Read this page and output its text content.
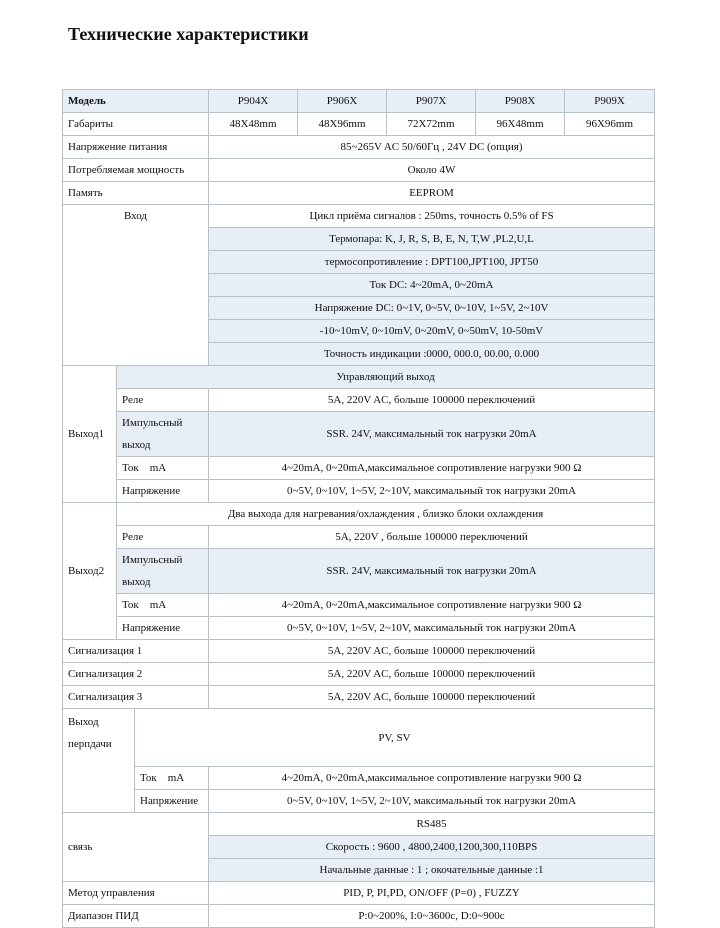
Технические характеристики
Модель			P904X	P906X	P907X	P908X	P909X
Габариты			48X48mm	48X96mm	72X72mm	96X48mm	96X96mm
Напряжение питания			85~265V AC 50/60Гц , 24V DC (опция)				
Потребляемая мощность			Около 4W				
Память			EEPROM				
Вход			Цикл приёма сигналов : 250ms, точность 0.5% of FS				
			Термопара: K, J, R, S, B, E, N, T,W ,PL2,U,L				
			термосопротивление : DPT100,JPT100, JPT50				
			Ток DC: 4~20mA, 0~20mA				
			Напряжение DC: 0~1V, 0~5V, 0~10V, 1~5V, 2~10V				
			-10~10mV, 0~10mV, 0~20mV, 0~50mV, 10-50mV				
			Точность индикации :0000, 000.0, 00.00, 0.000				
Выход1	Управляющий выход						
	Реле		5A, 220V AC, больше 100000 переключений				
	Импульсный выход		SSR. 24V, максимальный ток нагрузки 20mA				
	Ток    mA		4~20mA, 0~20mA,максимальное сопротивление нагрузки 900 Ω				
	Напряжение		0~5V, 0~10V, 1~5V, 2~10V, максимальный ток нагрузки 20mA				
Выход2	Два выхода для нагревания/охлаждения , близко блоки охлаждения						
	Реле		5A, 220V , больше 100000 переключений				
	Импульсный выход		SSR. 24V, максимальный ток нагрузки 20mA				
	Ток    mA		4~20mA, 0~20mA,максимальное сопротивление нагрузки 900 Ω				
	Напряжение		0~5V, 0~10V, 1~5V, 2~10V, максимальный ток нагрузки 20mA				
Сигнализация 1			5A, 220V AC, больше 100000 переключений				
Сигнализация 2			5A, 220V AC, больше 100000 переключений				
Сигнализация 3			5A, 220V AC, больше 100000 переключений				
Выход перпдачи		PV, SV					
		Ток    mA	4~20mA, 0~20mA,максимальное сопротивление нагрузки 900 Ω				
		Напряжение	0~5V, 0~10V, 1~5V, 2~10V, максимальный ток нагрузки 20mA				
связь			RS485				
			Скорость : 9600 , 4800,2400,1200,300,110BPS				
			Начальные данные : 1 ; окочательные данные :1				
Метод управления			PID, P, PI,PD, ON/OFF (P=0) , FUZZY				
Диапазон ПИД			P:0~200%, I:0~3600c, D:0~900c				
